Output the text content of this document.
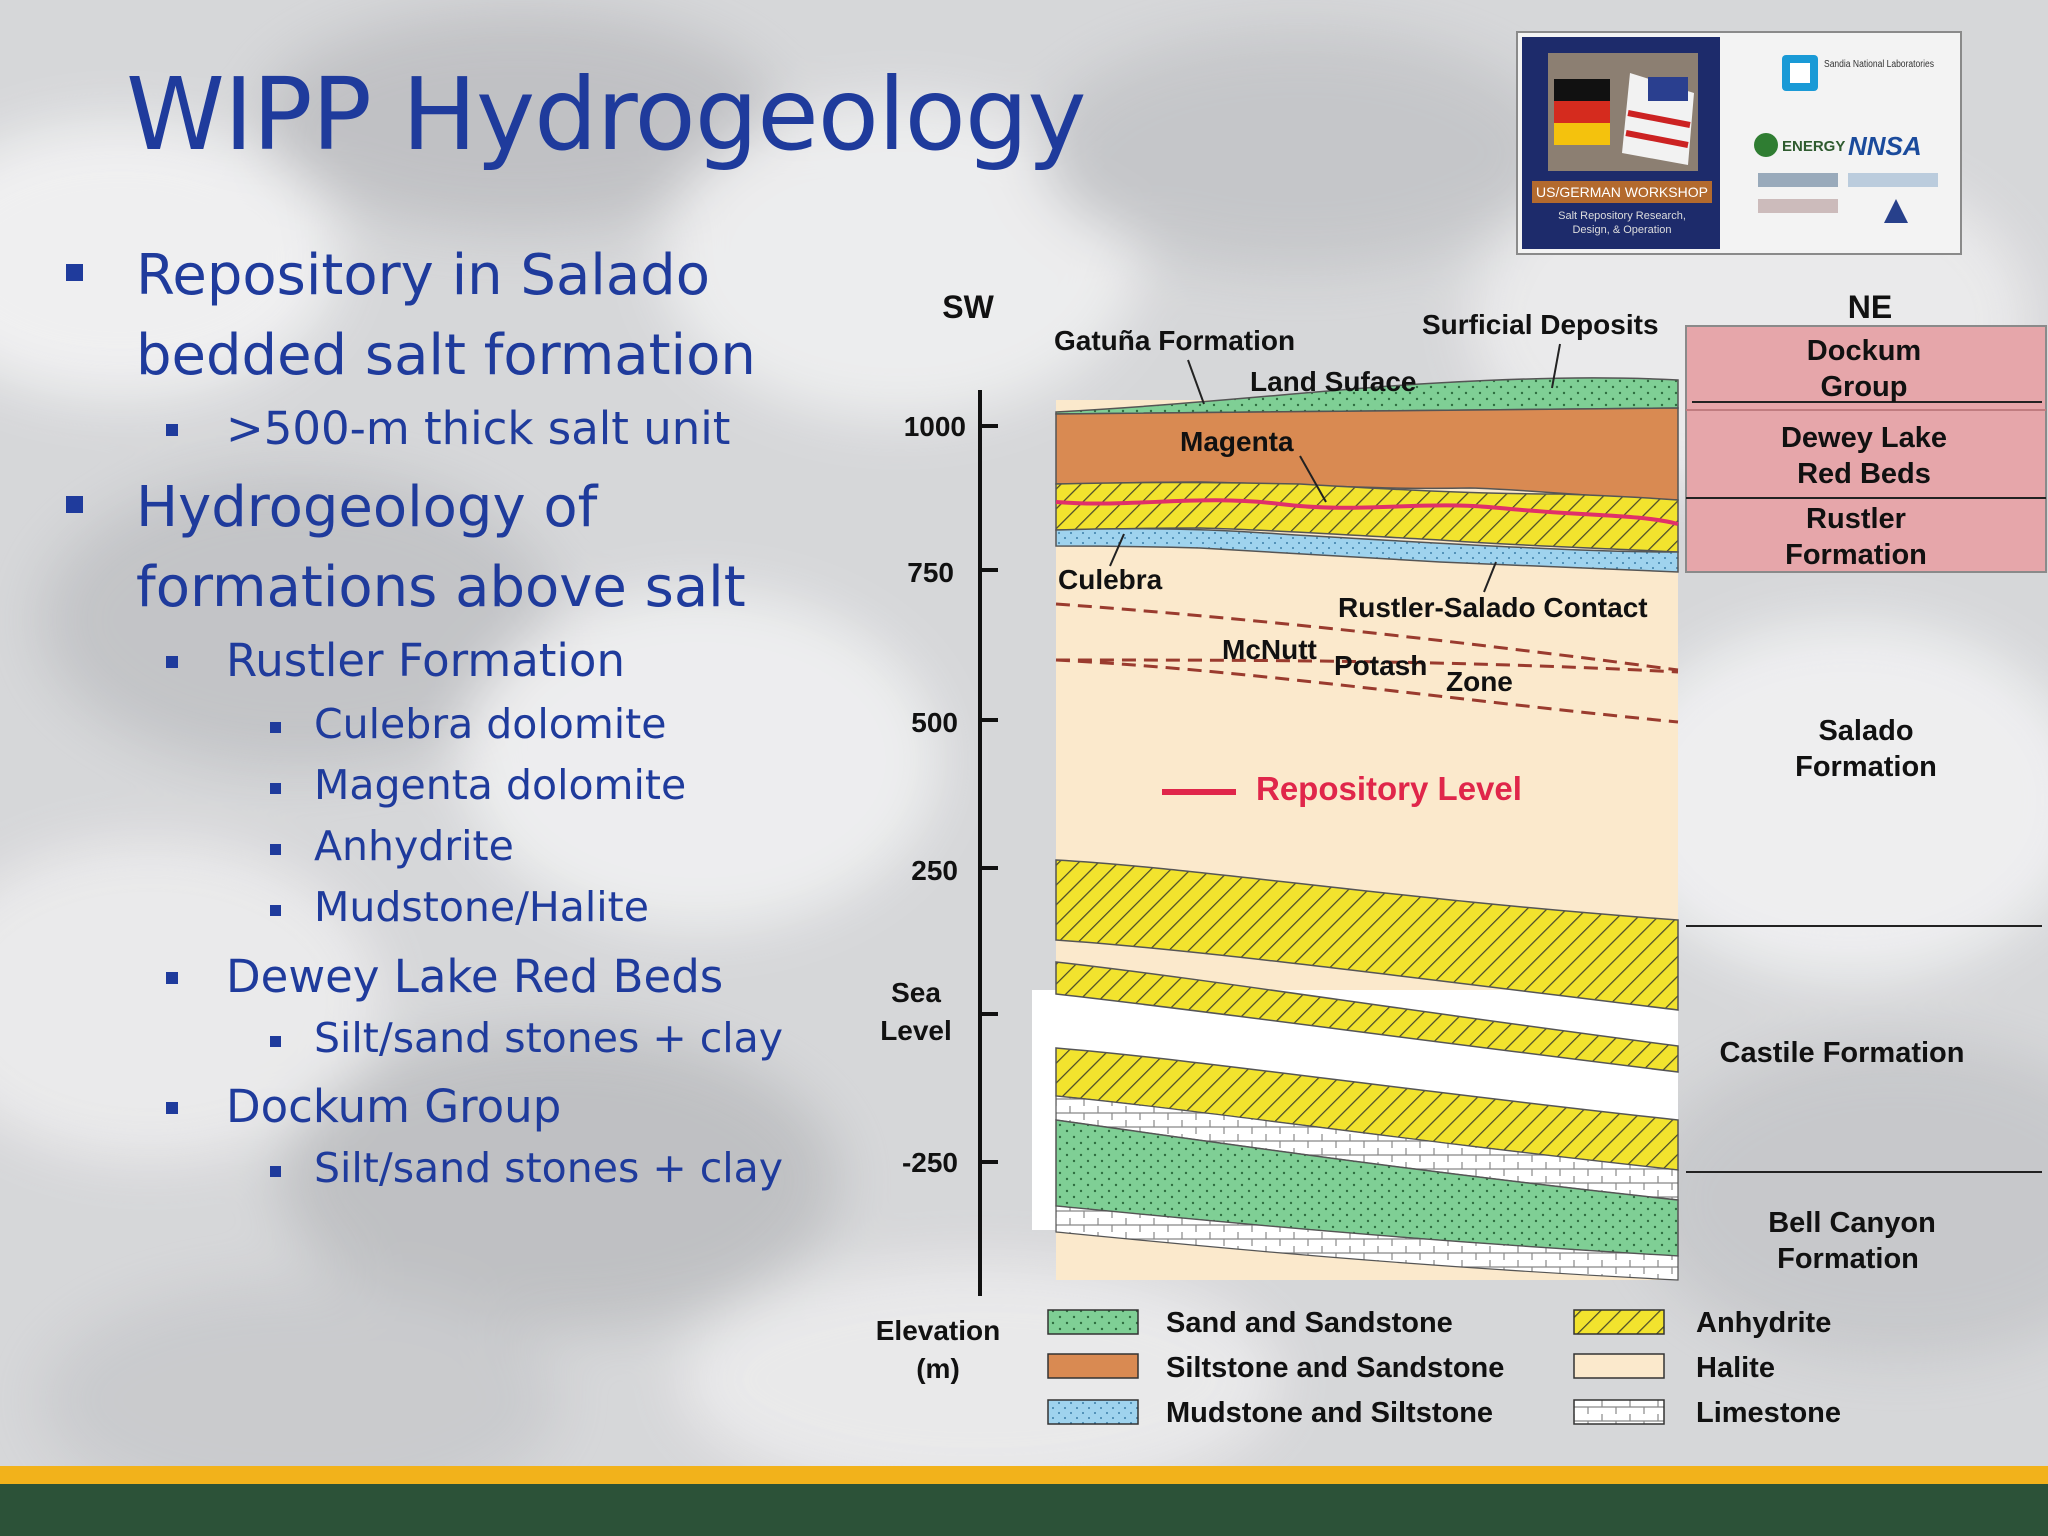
WIPP Hydrogeology

Repository in Salado bedded salt formation

>500-m thick salt unit

Hydrogeology of formations above salt

Rustler Formation

Culebra dolomite

Magenta dolomite

Anhydrite

Mudstone/Halite

Dewey Lake Red Beds

Silt/sand stones + clay

Dockum Group

Silt/sand stones + clay

US/GERMAN WORKSHOP
Salt Repository Research,
Design, & Operation
Sandia National Laboratories
ENERGY NNSA
1000
750
500
250
Sea
Level
-250
Elevation
(m)
SW	NE
Gatuña Formation
Surficial Deposits
Land Suface
Magenta
Culebra
Rustler-Salado Contact
McNutt
Potash
Zone
Repository Level
Dockum
Group
Dewey Lake
Red Beds
Rustler
Formation
Salado
Formation
Castile Formation
Bell Canyon
Formation
Sand and Sandstone
Siltstone and Sandstone
Mudstone and Siltstone
Anhydrite
Halite
Limestone
